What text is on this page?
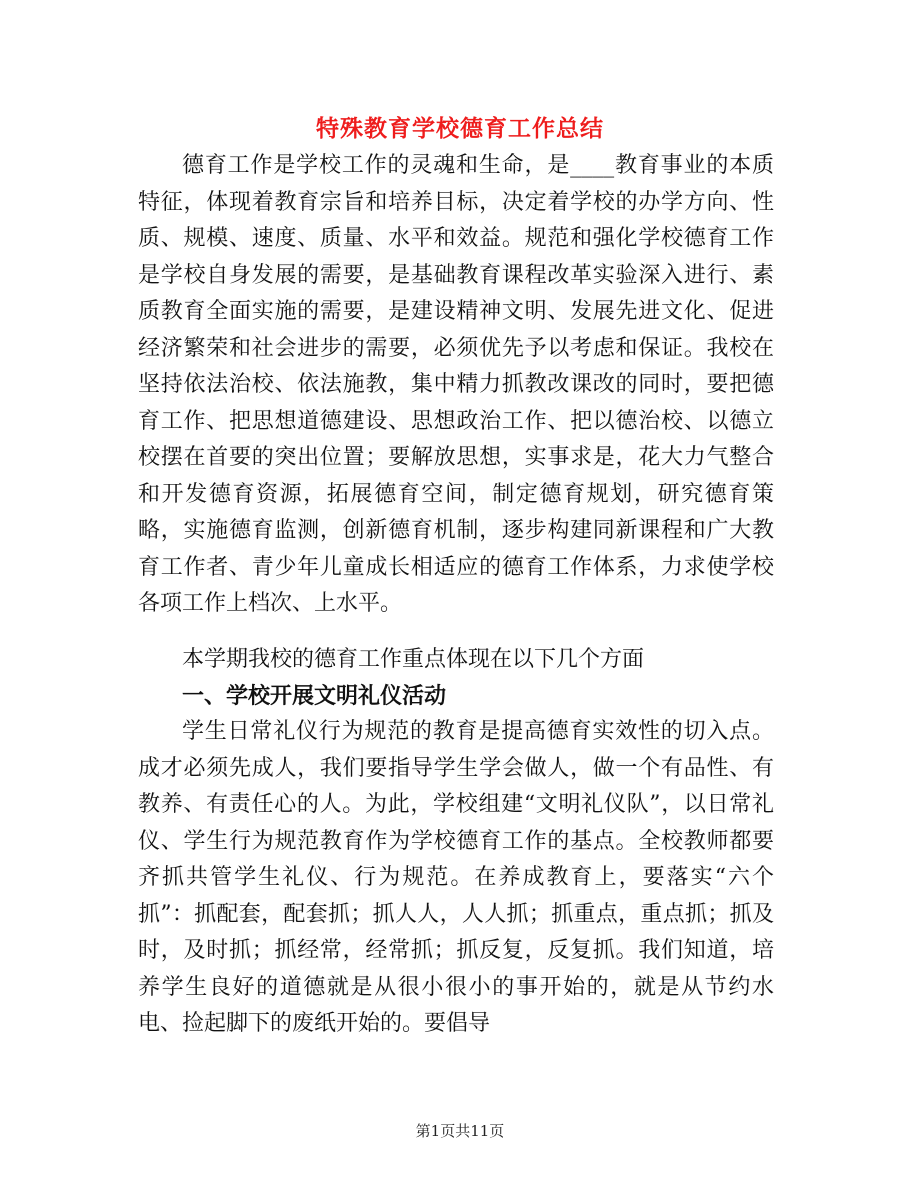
特殊教育学校德育工作总结
德育工作是学校工作的灵魂和生命，是____教育事业的本质特征，体现着教育宗旨和培养目标，决定着学校的办学方向、性质、规模、速度、质量、水平和效益。规范和强化学校德育工作是学校自身发展的需要，是基础教育课程改革实验深入进行、素质教育全面实施的需要，是建设精神文明、发展先进文化、促进经济繁荣和社会进步的需要，必须优先予以考虑和保证。我校在坚持依法治校、依法施教，集中精力抓教改课改的同时，要把德育工作、把思想道德建设、思想政治工作、把以德治校、以德立校摆在首要的突出位置；要解放思想，实事求是，花大力气整合和开发德育资源，拓展德育空间，制定德育规划，研究德育策略，实施德育监测，创新德育机制，逐步构建同新课程和广大教育工作者、青少年儿童成长相适应的德育工作体系，力求使学校各项工作上档次、上水平。
本学期我校的德育工作重点体现在以下几个方面
一、学校开展文明礼仪活动
学生日常礼仪行为规范的教育是提高德育实效性的切入点。成才必须先成人，我们要指导学生学会做人，做一个有品性、有教养、有责任心的人。为此，学校组建“文明礼仪队”，以日常礼仪、学生行为规范教育作为学校德育工作的基点。全校教师都要齐抓共管学生礼仪、行为规范。在养成教育上，要落实“六个抓”：抓配套，配套抓；抓人人，人人抓；抓重点，重点抓；抓及时，及时抓；抓经常，经常抓；抓反复，反复抓。我们知道，培养学生良好的道德就是从很小很小的事开始的，就是从节约水电、捡起脚下的废纸开始的。要倡导
第1页共11页
